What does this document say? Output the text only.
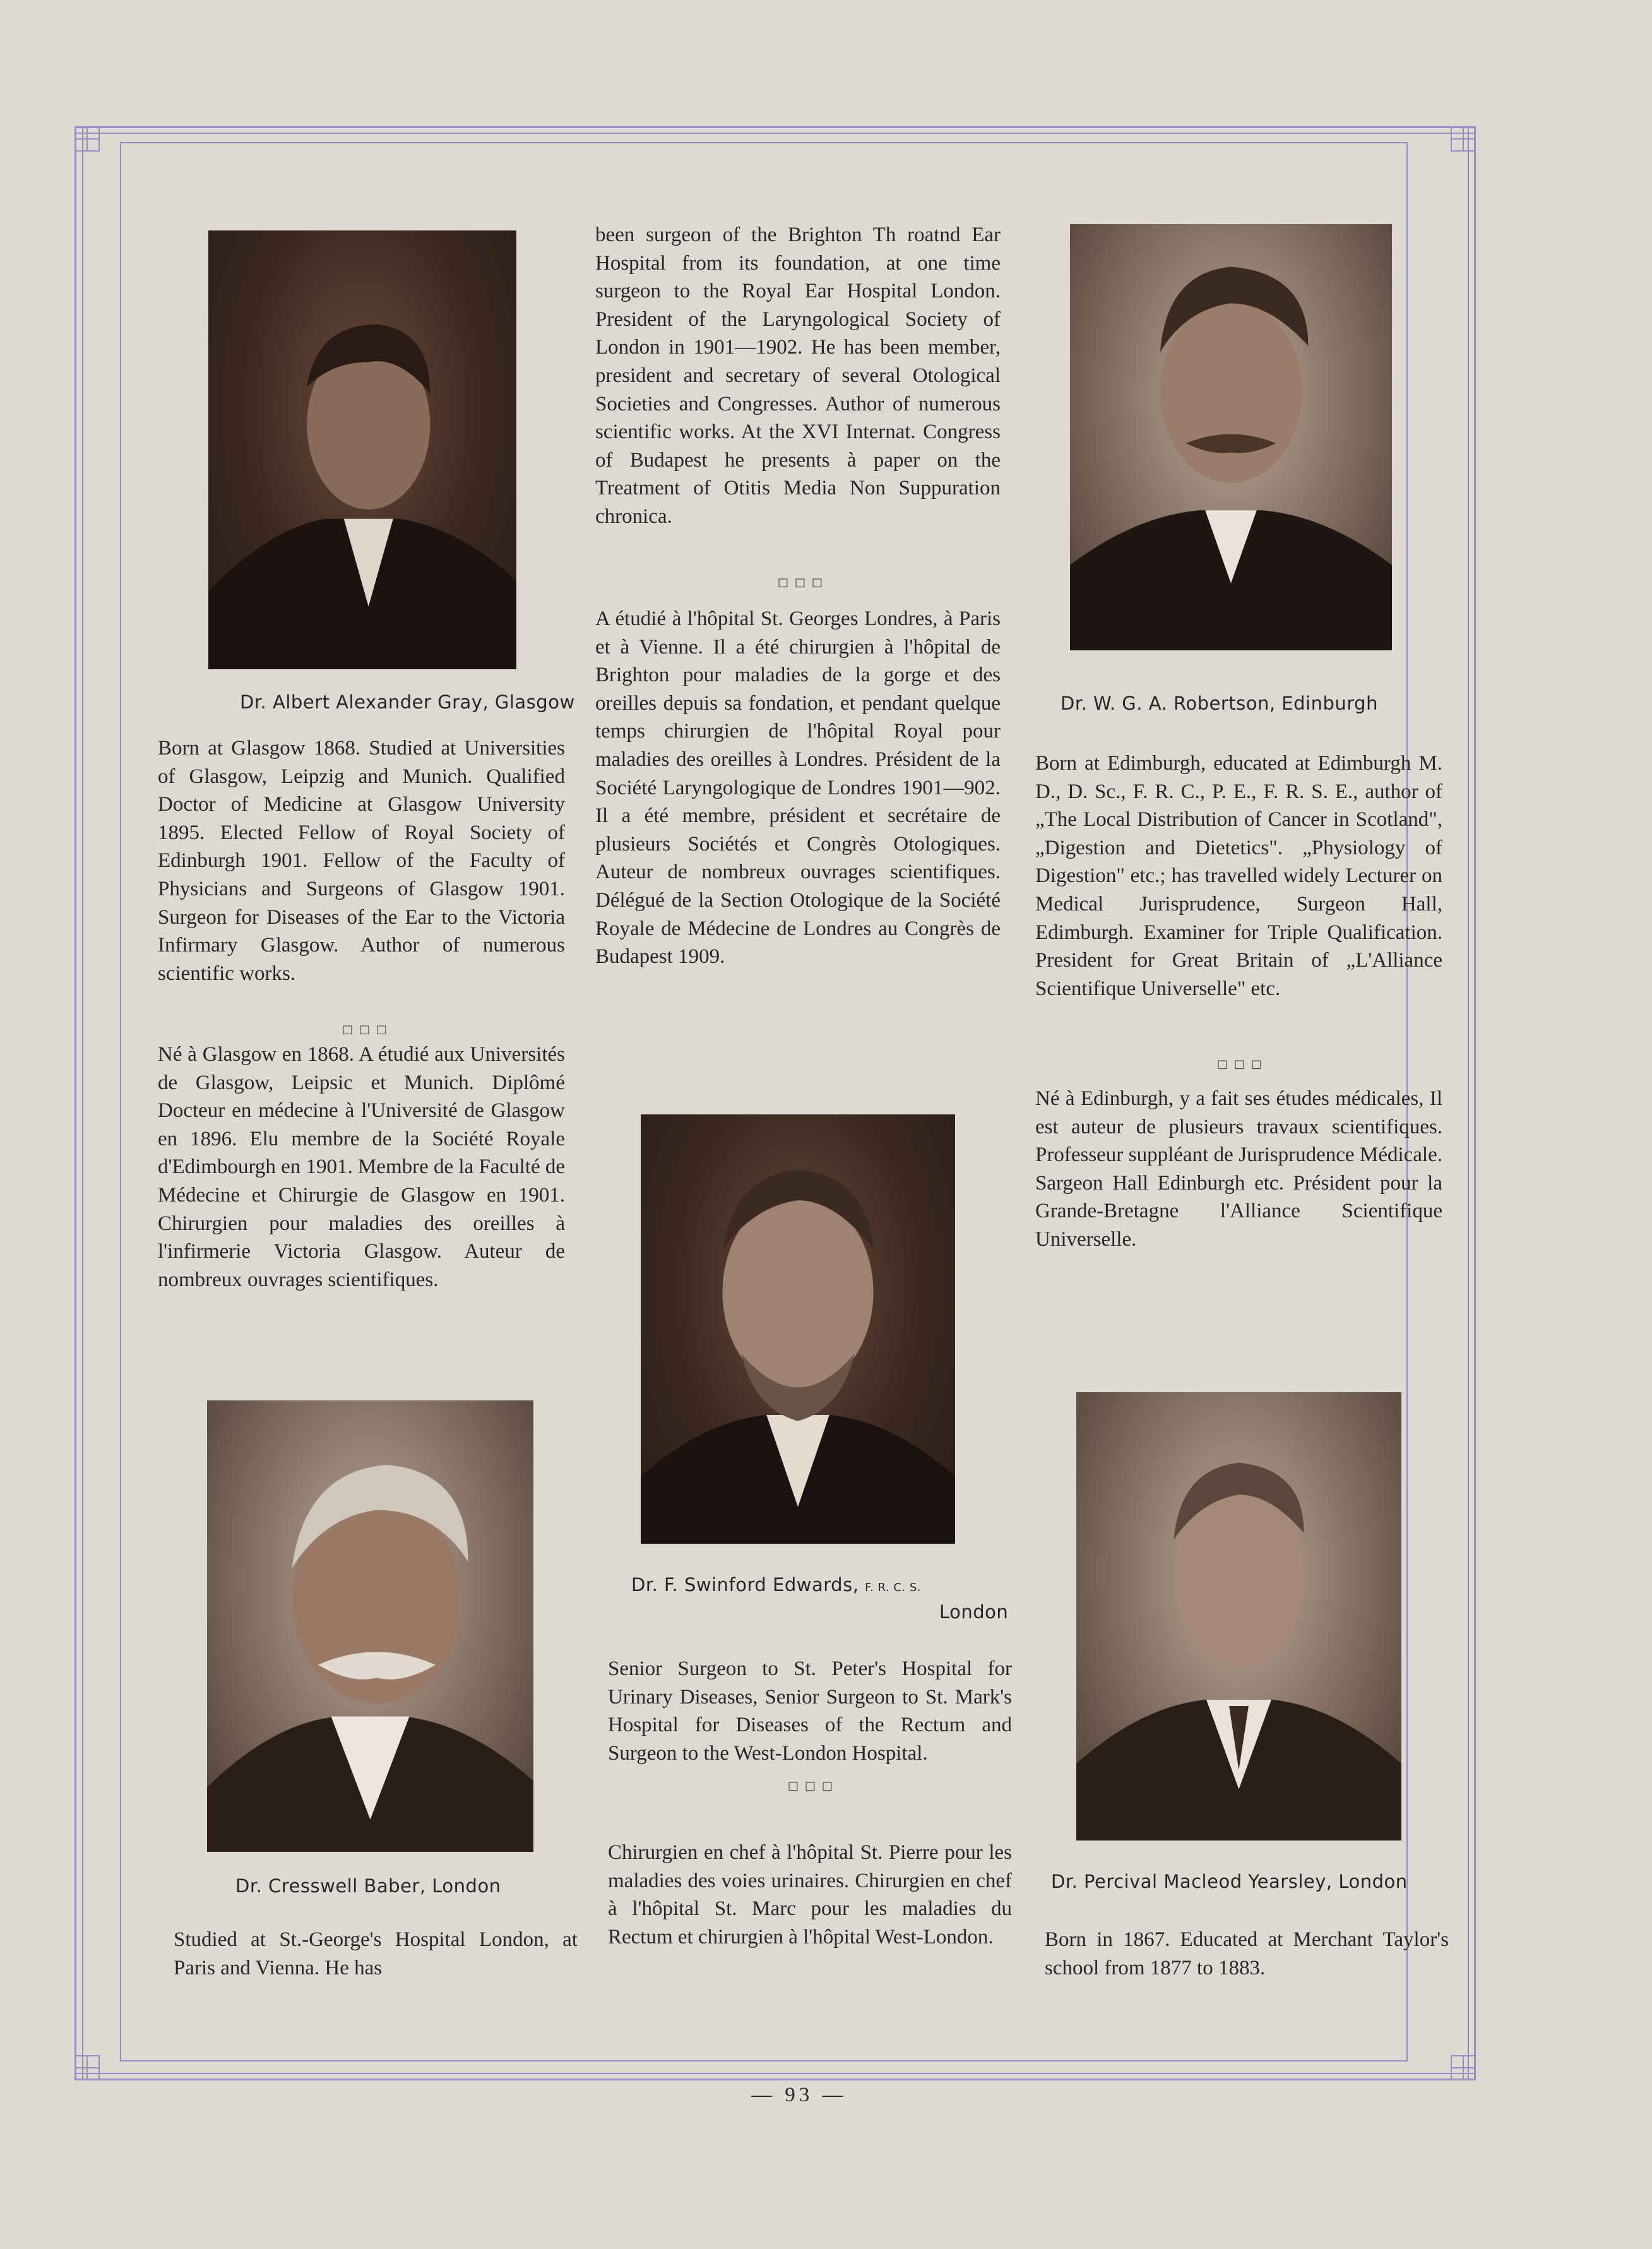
Dr. Albert Alexander Gray, Glasgow

Born at Glasgow 1868. Studied at Universities of Glasgow, Leipzig and Munich. Qualified Doctor of Medicine at Glasgow University 1895. Elected Fellow of Royal Society of Edinburgh 1901. Fellow of the Faculty of Physicians and Surgeons of Glasgow 1901. Surgeon for Diseases of the Ear to the Victoria Infirmary Glasgow. Author of numerous scientific works.

□□□

Né à Glasgow en 1868. A étudié aux Universités de Glasgow, Leipsic et Munich. Diplômé Docteur en médecine à l'Université de Glasgow en 1896. Elu membre de la Société Royale d'Edimbourgh en 1901. Membre de la Faculté de Médecine et Chirurgie de Glasgow en 1901. Chirurgien pour maladies des oreilles à l'infirmerie Victoria Glasgow. Auteur de nombreux ouvrages scientifiques.

Dr. Cresswell Baber, London

Studied at St.-George's Hospital London, at Paris and Vienna. He has

been surgeon of the Brighton Th roatnd Ear Hospital from its foundation, at one time surgeon to the Royal Ear Hospital London. President of the Laryngological Society of London in 1901—1902. He has been member, president and secretary of several Otological Societies and Congresses. Author of numerous scientific works. At the XVI Internat. Congress of Budapest he presents à paper on the Treatment of Otitis Media Non Suppuration chronica.

□□□

A étudié à l'hôpital St. Georges Londres, à Paris et à Vienne. Il a été chirurgien à l'hôpital de Brighton pour maladies de la gorge et des oreilles depuis sa fondation, et pendant quelque temps chirurgien de l'hôpital Royal pour maladies des oreilles à Londres. Président de la Société Laryngologique de Londres 1901—902. Il a été membre, président et secrétaire de plusieurs Sociétés et Congrès Otologiques. Auteur de nombreux ouvrages scientifiques. Délégué de la Section Otologique de la Société Royale de Médecine de Londres au Congrès de Budapest 1909.

Dr. F. Swinford Edwards, F. R. C. S.
London

Senior Surgeon to St. Peter's Hospital for Urinary Diseases, Senior Surgeon to St. Mark's Hospital for Diseases of the Rectum and Surgeon to the West-London Hospital.

□□□

Chirurgien en chef à l'hôpital St. Pierre pour les maladies des voies urinaires. Chirurgien en chef à l'hôpital St. Marc pour les maladies du Rectum et chirurgien à l'hôpital West-London.

Dr. W. G. A. Robertson, Edinburgh

Born at Edimburgh, educated at Edimburgh M. D., D. Sc., F. R. C., P. E., F. R. S. E., author of „The Local Distribution of Cancer in Scotland", „Digestion and Dietetics". „Physiology of Digestion" etc.; has travelled widely Lecturer on Medical Jurisprudence, Surgeon Hall, Edimburgh. Examiner for Triple Qualification. President for Great Britain of „L'Alliance Scientifique Universelle" etc.

□□□

Né à Edinburgh, y a fait ses études médicales, Il est auteur de plusieurs travaux scientifiques. Professeur suppléant de Jurisprudence Médicale. Sargeon Hall Edinburgh etc. Président pour la Grande-Bretagne l'Alliance Scientifique Universelle.

Dr. Percival Macleod Yearsley, London

Born in 1867. Educated at Merchant Taylor's school from 1877 to 1883.

— 93 —
